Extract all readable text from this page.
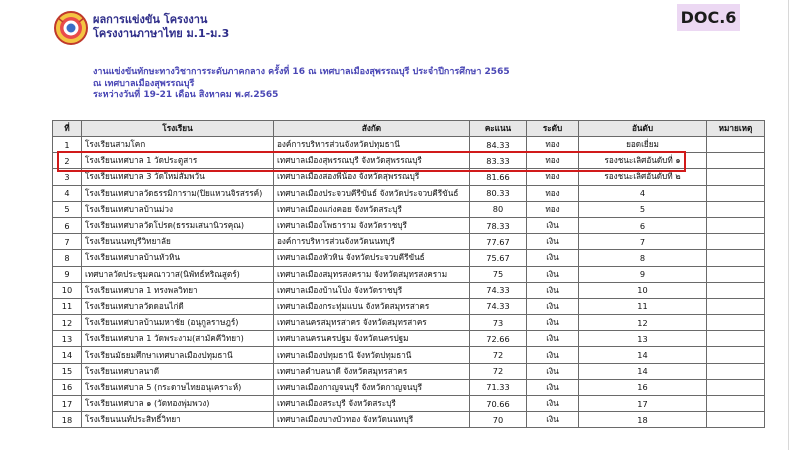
ผลการแข่งขัน โครงงาน
โครงงานภาษาไทย ม.1-ม.3
DOC.6
งานแข่งขันทักษะทางวิชาการระดับภาคกลาง ครั้งที่ 16 ณ เทศบาลเมืองสุพรรณบุรี ประจำปีการศึกษา 2565
ณ เทศบาลเมืองสุพรรณบุรี
ระหว่างวันที่ 19-21 เดือน สิงหาคม พ.ศ.2565
ที่	โรงเรียน	สังกัด	คะแนน	ระดับ	อันดับ	หมายเหตุ
1	โรงเรียนสามโคก	องค์การบริหารส่วนจังหวัดปทุมธานี	84.33	ทอง	ยอดเยี่ยม	
2	โรงเรียนเทศบาล 1 วัดประตูสาร	เทศบาลเมืองสุพรรณบุรี จังหวัดสุพรรณบุรี	83.33	ทอง	รองชนะเลิศอันดับที่ ๑	
3	โรงเรียนเทศบาล 3 วัดใหม่สัมพวัน	เทศบาลเมืองสองพี่น้อง จังหวัดสุพรรณบุรี	81.66	ทอง	รองชนะเลิศอันดับที่ ๒	
4	โรงเรียนเทศบาลวัดธรรมิการาม(ปิยแหวนจิรสรรค์)	เทศบาลเมืองประจวบคีรีขันธ์ จังหวัดประจวบคีรีขันธ์	80.33	ทอง	4	
5	โรงเรียนเทศบาลบ้านม่วง	เทศบาลเมืองแก่งคอย จังหวัดสระบุรี	80	ทอง	5	
6	โรงเรียนเทศบาลวัดโปรด(ธรรมเสนานิวรคุณ)	เทศบาลเมืองโพธาราม จังหวัดราชบุรี	78.33	เงิน	6	
7	โรงเรียนนนทบุรีวิทยาลัย	องค์การบริหารส่วนจังหวัดนนทบุรี	77.67	เงิน	7	
8	โรงเรียนเทศบาลบ้านหัวหิน	เทศบาลเมืองหัวหิน จังหวัดประจวบคีรีขันธ์	75.67	เงิน	8	
9	เทศบาลวัดประชุมคณาวาส(นิพัทธ์หริณสูตร์)	เทศบาลเมืองสมุทรสงคราม จังหวัดสมุทรสงคราม	75	เงิน	9	
10	โรงเรียนเทศบาล 1 ทรงพลวิทยา	เทศบาลเมืองบ้านโป่ง จังหวัดราชบุรี	74.33	เงิน	10	
11	โรงเรียนเทศบาลวัดดอนไก่ดี	เทศบาลเมืองกระทุ่มแบน จังหวัดสมุทรสาคร	74.33	เงิน	11	
12	โรงเรียนเทศบาลบ้านมหาชัย (อนุกูลราษฎร์)	เทศบาลนครสมุทรสาคร จังหวัดสมุทรสาคร	73	เงิน	12	
13	โรงเรียนเทศบาล 1 วัดพระงาม(สามัคคีวิทยา)	เทศบาลนครนครปฐม จังหวัดนครปฐม	72.66	เงิน	13	
14	โรงเรียนมัธยมศึกษาเทศบาลเมืองปทุมธานี	เทศบาลเมืองปทุมธานี จังหวัดปทุมธานี	72	เงิน	14	
15	โรงเรียนเทศบาลนาดี	เทศบาลตำบลนาดี จังหวัดสมุทรสาคร	72	เงิน	14	
16	โรงเรียนเทศบาล 5 (กระดาษไทยอนุเคราะห์)	เทศบาลเมืองกาญจนบุรี จังหวัดกาญจนบุรี	71.33	เงิน	16	
17	โรงเรียนเทศบาล ๑ (วัดทองพุ่มพวง)	เทศบาลเมืองสระบุรี จังหวัดสระบุรี	70.66	เงิน	17	
18	โรงเรียนนนท์ประสิทธิ์วิทยา	เทศบาลเมืองบางบัวทอง จังหวัดนนทบุรี	70	เงิน	18	
